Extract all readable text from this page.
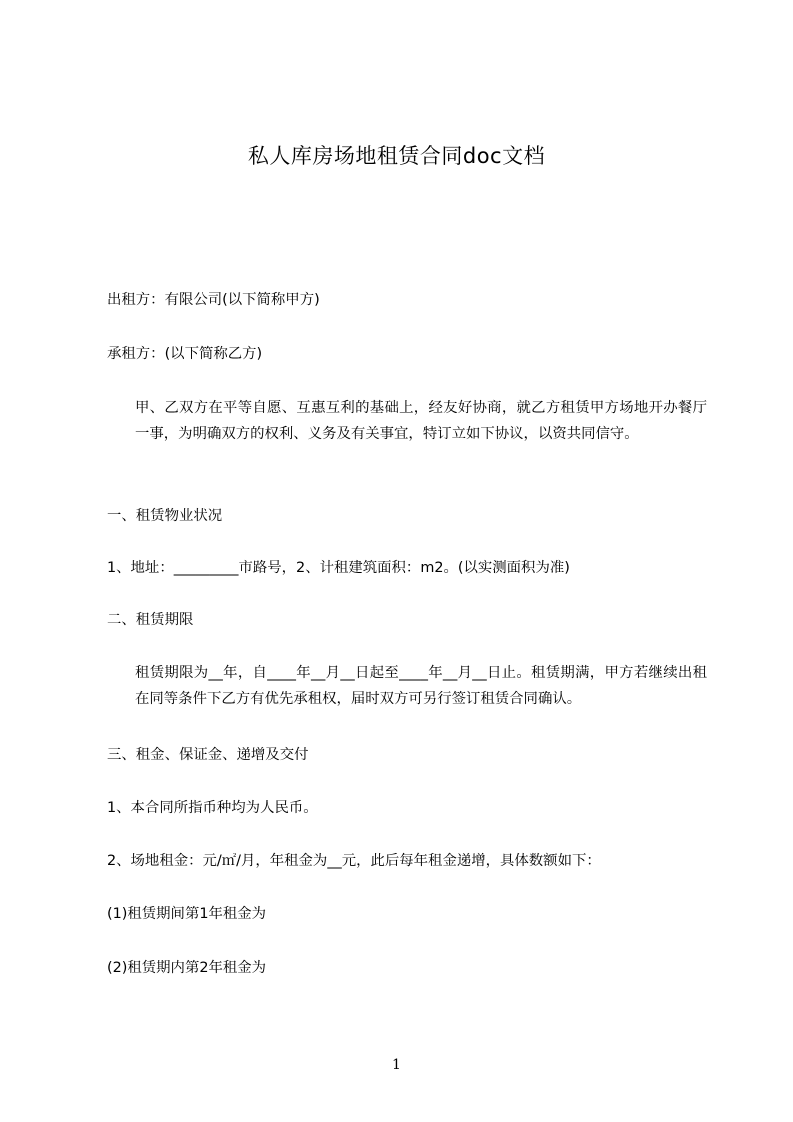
私人库房场地租赁合同doc文档
出租方：有限公司(以下简称甲方)
承租方：(以下简称乙方)
甲、乙双方在平等自愿、互惠互利的基础上，经友好协商，就乙方租赁甲方场地开办餐厅一事，为明确双方的权利、义务及有关事宜，特订立如下协议，以资共同信守。
一、租赁物业状况
1、地址：_________市路号，2、计租建筑面积：m2。(以实测面积为准)
二、租赁期限
租赁期限为__年，自____年__月__日起至____年__月__日止。租赁期满，甲方若继续出租在同等条件下乙方有优先承租权，届时双方可另行签订租赁合同确认。
三、租金、保证金、递增及交付
1、本合同所指币种均为人民币。
2、场地租金：元/㎡/月，年租金为__元，此后每年租金递增，具体数额如下：
(1)租赁期间第1年租金为
(2)租赁期内第2年租金为
1
